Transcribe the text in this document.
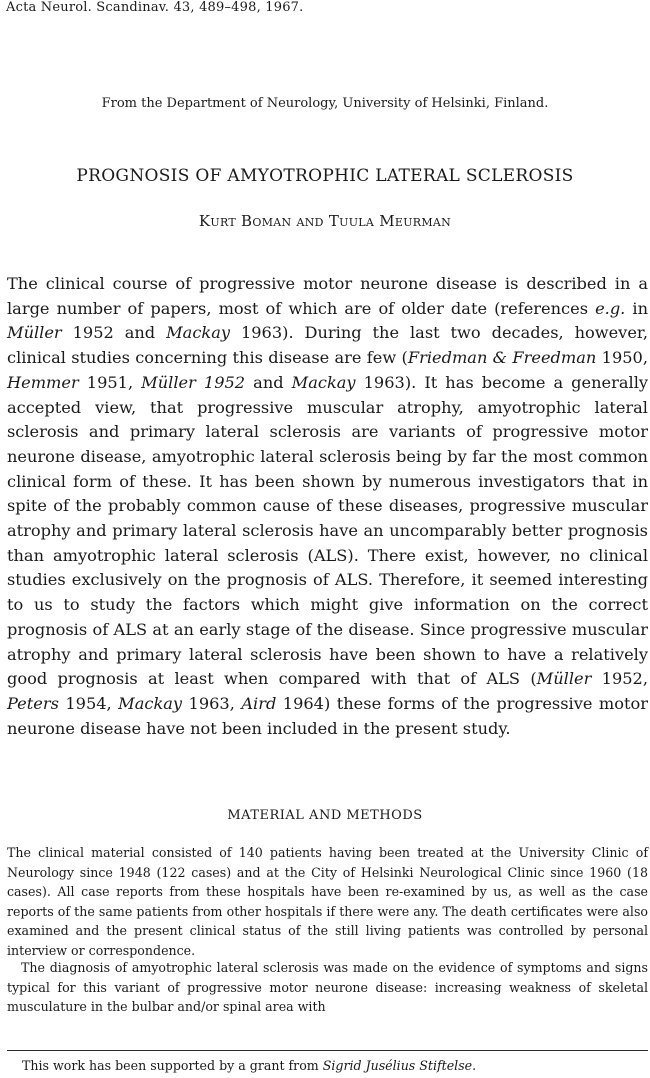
Acta Neurol. Scandinav. 43, 489–498, 1967.
From the Department of Neurology, University of Helsinki, Finland.
PROGNOSIS OF AMYOTROPHIC LATERAL SCLEROSIS
Kurt Boman and Tuula Meurman
The clinical course of progressive motor neurone disease is described in a large number of papers, most of which are of older date (references e.g. in Müller 1952 and Mackay 1963). During the last two decades, however, clinical studies concerning this disease are few (Friedman & Freedman 1950, Hemmer 1951, Müller 1952 and Mackay 1963). It has become a generally accepted view, that progressive muscular atrophy, amyotrophic lateral sclerosis and primary lateral sclerosis are variants of progressive motor neurone disease, amyotrophic lateral sclerosis being by far the most common clinical form of these. It has been shown by numerous investigators that in spite of the probably common cause of these diseases, progressive muscular atrophy and primary lateral sclerosis have an uncomparably better prognosis than amyotrophic lateral sclerosis (ALS). There exist, however, no clinical studies exclusively on the prognosis of ALS. Therefore, it seemed interesting to us to study the factors which might give information on the correct prognosis of ALS at an early stage of the disease. Since progressive muscular atrophy and primary lateral sclerosis have been shown to have a relatively good prognosis at least when compared with that of ALS (Müller 1952, Peters 1954, Mackay 1963, Aird 1964) these forms of the progressive motor neurone disease have not been included in the present study.
MATERIAL AND METHODS
The clinical material consisted of 140 patients having been treated at the University Clinic of Neurology since 1948 (122 cases) and at the City of Helsinki Neurological Clinic since 1960 (18 cases). All case reports from these hospitals have been re-examined by us, as well as the case reports of the same patients from other hospitals if there were any. The death certificates were also examined and the present clinical status of the still living patients was controlled by personal interview or correspondence.
The diagnosis of amyotrophic lateral sclerosis was made on the evidence of symptoms and signs typical for this variant of progressive motor neurone disease: increasing weakness of skeletal musculature in the bulbar and/or spinal area with
This work has been supported by a grant from Sigrid Jusélius Stiftelse.
